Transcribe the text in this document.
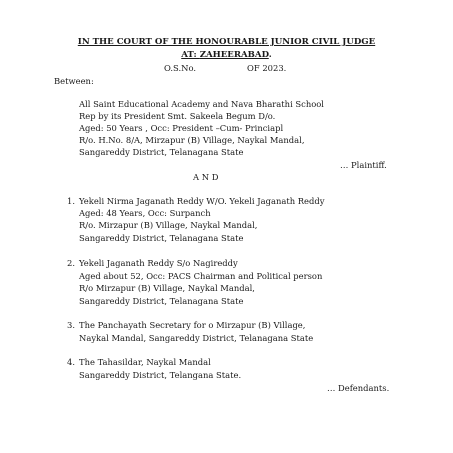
IN THE COURT OF THE HONOURABLE JUNIOR CIVIL JUDGE
AT: ZAHEERABAD.
O.S.No.	OF 2023.
Between:
All Saint Educational Academy and Nava Bharathi School
Rep by its President Smt. Sakeela Begum D/o.
Aged: 50 Years , Occ: President –Cum- Princiapl
R/o. H.No. 8/A, Mirzapur (B) Village, Naykal Mandal,
Sangareddy District, Telanagana State
… Plaintiff.
A N D
1. Yekeli Nirma Jaganath Reddy W/O. Yekeli Jaganath Reddy
Aged: 48 Years, Occ: Surpanch
R/o. Mirzapur (B) Village, Naykal Mandal,
Sangareddy District, Telanagana State
2. Yekeli Jaganath Reddy S/o Nagireddy
Aged about 52, Occ: PACS Chairman and Political person
R/o Mirzapur (B) Village, Naykal Mandal,
Sangareddy District, Telanagana State
3. The Panchayath Secretary for o Mirzapur (B) Village,
Naykal Mandal, Sangareddy District, Telanagana State
4. The Tahasildar, Naykal Mandal
Sangareddy District, Telangana State.
… Defendants.
